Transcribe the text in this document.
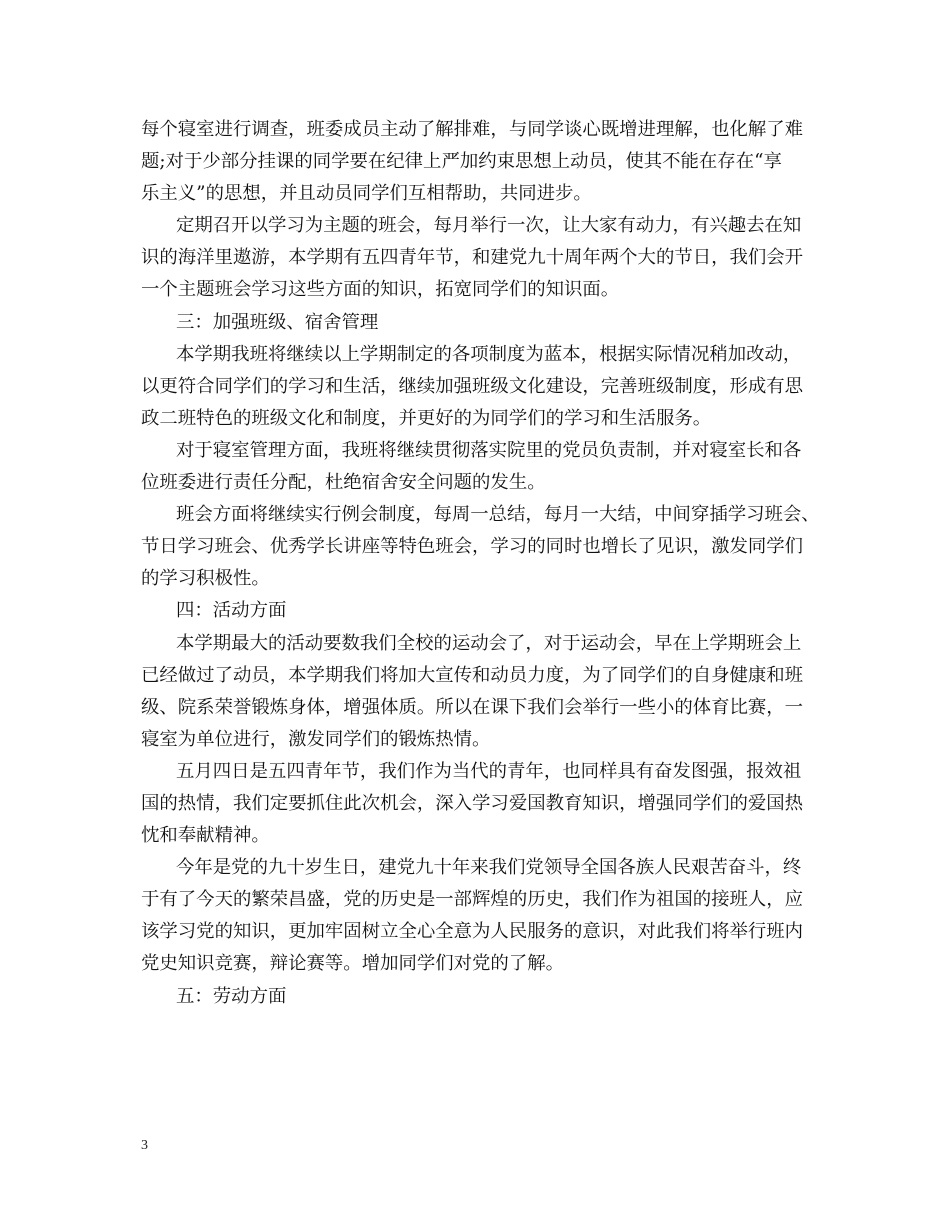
每个寝室进行调查，班委成员主动了解排难，与同学谈心既增进理解，也化解了难
题;对于少部分挂课的同学要在纪律上严加约束思想上动员，使其不能在存在“享
乐主义”的思想，并且动员同学们互相帮助，共同进步。
定期召开以学习为主题的班会，每月举行一次，让大家有动力，有兴趣去在知
识的海洋里遨游，本学期有五四青年节，和建党九十周年两个大的节日，我们会开
一个主题班会学习这些方面的知识，拓宽同学们的知识面。
三：加强班级、宿舍管理
本学期我班将继续以上学期制定的各项制度为蓝本，根据实际情况稍加改动，
以更符合同学们的学习和生活，继续加强班级文化建设，完善班级制度，形成有思
政二班特色的班级文化和制度，并更好的为同学们的学习和生活服务。
对于寝室管理方面，我班将继续贯彻落实院里的党员负责制，并对寝室长和各
位班委进行责任分配，杜绝宿舍安全问题的发生。
班会方面将继续实行例会制度，每周一总结，每月一大结，中间穿插学习班会、
节日学习班会、优秀学长讲座等特色班会，学习的同时也增长了见识，激发同学们
的学习积极性。
四：活动方面
本学期最大的活动要数我们全校的运动会了，对于运动会，早在上学期班会上
已经做过了动员，本学期我们将加大宣传和动员力度，为了同学们的自身健康和班
级、院系荣誉锻炼身体，增强体质。所以在课下我们会举行一些小的体育比赛，一
寝室为单位进行，激发同学们的锻炼热情。
五月四日是五四青年节，我们作为当代的青年，也同样具有奋发图强，报效祖
国的热情，我们定要抓住此次机会，深入学习爱国教育知识，增强同学们的爱国热
忱和奉献精神。
今年是党的九十岁生日，建党九十年来我们党领导全国各族人民艰苦奋斗，终
于有了今天的繁荣昌盛，党的历史是一部辉煌的历史，我们作为祖国的接班人，应
该学习党的知识，更加牢固树立全心全意为人民服务的意识，对此我们将举行班内
党史知识竞赛，辩论赛等。增加同学们对党的了解。
五：劳动方面
3
